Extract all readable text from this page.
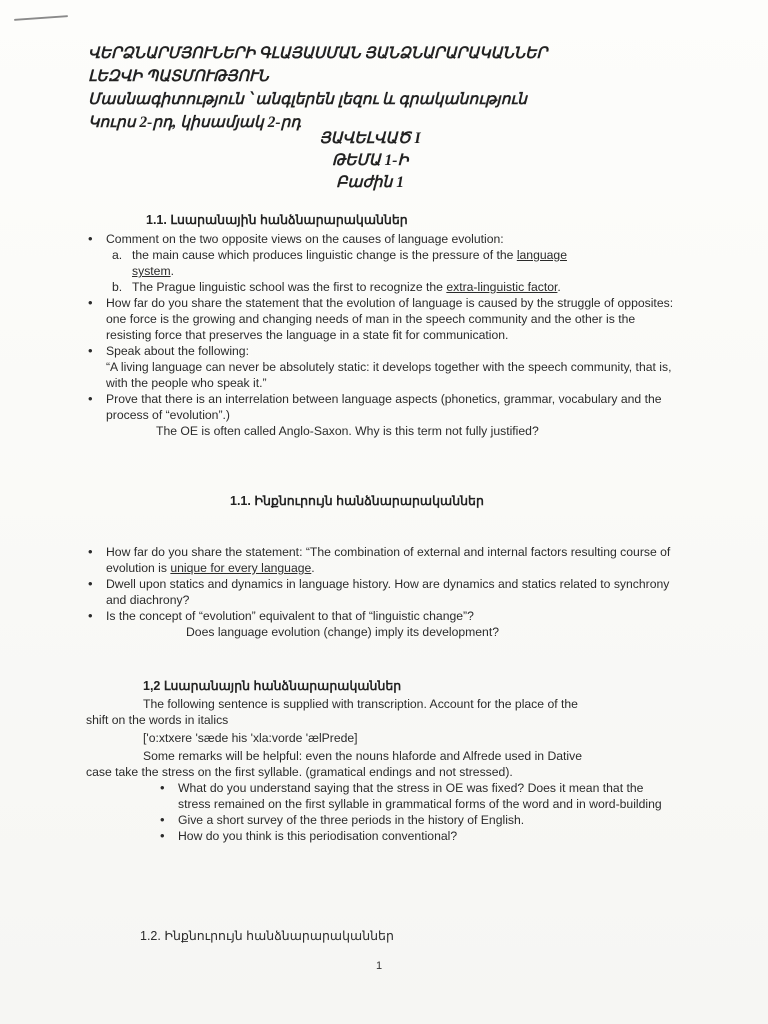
ՎԵՐՁՆԱՐՄՅՈՒՆԵՐԻ ԳԼԱՅԱՍՄԱՆ ՅԱՆՁՆԱՐԱՐԱԿԱՆՆԵՐ
ԼԵԶՎԻ ՊԱՏՄՈՒԹՅՈՒՆ
Մասնագիտություն ՝ անգլերեն լեզու և գրականություն
Կուրս 2-րդ, կիսամյակ 2-րդ
ՅԱՎԵԼՎԱԾ I
ԹԵՄԱ 1-Ի
Բաժին 1
1.1. Լսարանային հանձնարարականներ
• Comment on the two opposite views on the causes of language evolution:
a. the main cause which produces linguistic change is the pressure of the language
system.
b. The Prague linguistic school was the first to recognize the extra-linguistic factor.
• How far do you share the statement that the evolution of language is caused by the struggle of opposites: one force is the growing and changing needs of man in the speech community and the other is the resisting force that preserves the language in a state fit for communication.
• Speak about the following:
“A living language can never be absolutely static: it develops together with the speech community, that is, with the people who speak it.”
• Prove that there is an interrelation between language aspects (phonetics, grammar, vocabulary and the process of “evolution”.)
The OE is often called Anglo-Saxon. Why is this term not fully justified?
1.1. Ինքնուրույն հանձնարարականներ
• How far do you share the statement: “The combination of external and internal factors resulting course of evolution is unique for every language.
• Dwell upon statics and dynamics in language history. How are dynamics and statics related to synchrony and diachrony?
• Is the concept of “evolution” equivalent to that of “linguistic change”?
Does language evolution (change) imply its development?
1,2 Լսարանայրն հանձնարարականներ
The following sentence is supplied with transcription. Account for the place of the
shift on the words in italics
['o:xtxere 'sæde his 'xla:vorde 'ælPrede]
Some remarks will be helpful: even the nouns hlaforde and Alfrede used in Dative
case take the stress on the first syllable. (gramatical endings and not stressed).
• What do you understand saying that the stress in OE was fixed? Does it mean that the stress remained on the first syllable in grammatical forms of the word and in word-building
• Give a short survey of the three periods in the history of English.
• How do you think is this periodisation conventional?
1.2. Ինքնուրույն հանձնարարականներ
1
